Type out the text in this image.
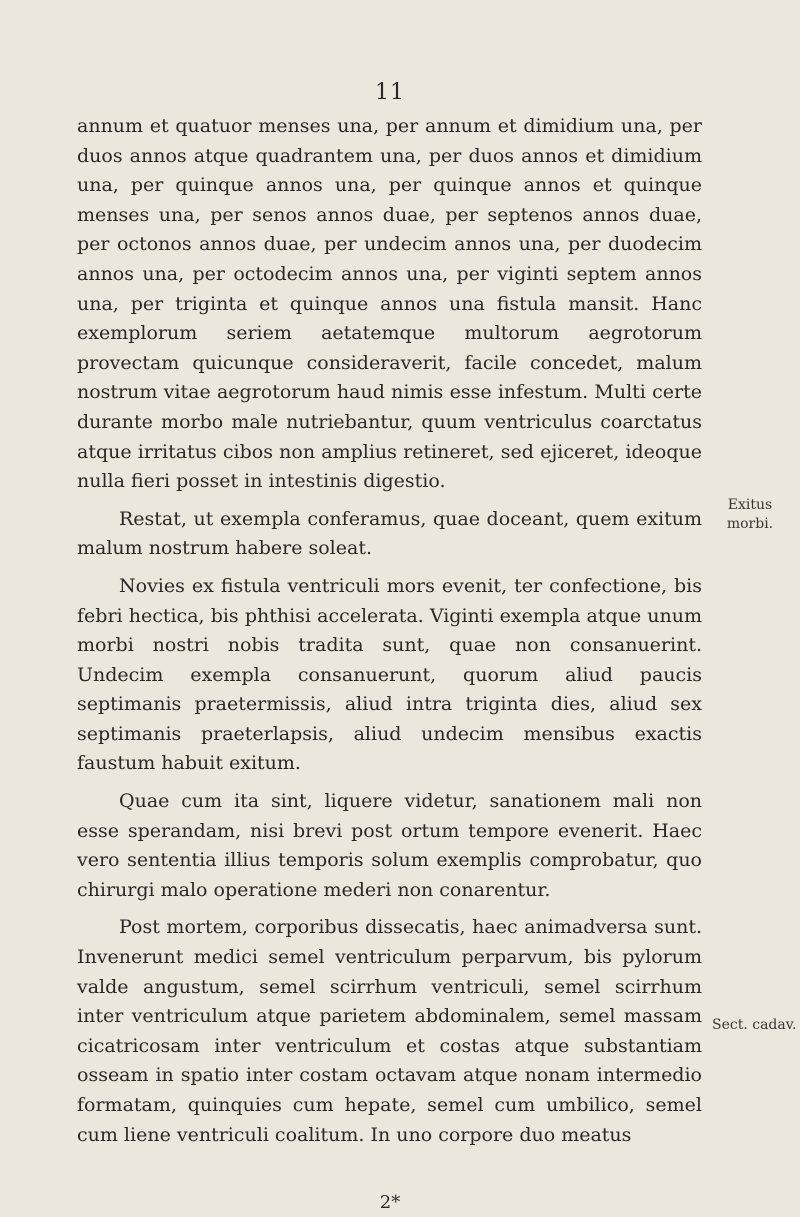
11

annum et quatuor menses una, per annum et dimidium una, per duos annos atque quadrantem una, per duos annos et dimidium una, per quinque annos una, per quinque annos et quinque menses una, per senos annos duae, per septenos annos duae, per octonos annos duae, per undecim annos una, per duodecim annos una, per octodecim annos una, per viginti septem annos una, per triginta et quinque annos una fistula mansit. Hanc exemplorum seriem aetatemque multorum aegrotorum provectam quicunque consideraverit, facile concedet, malum nostrum vitae aegrotorum haud nimis esse infestum. Multi certe durante morbo male nutriebantur, quum ventriculus coarctatus atque irritatus cibos non amplius retineret, sed ejiceret, ideoque nulla fieri posset in intestinis digestio.

Restat, ut exempla conferamus, quae doceant, quem exitum malum nostrum habere soleat.

Novies ex fistula ventriculi mors evenit, ter confectione, bis febri hectica, bis phthisi accelerata. Viginti exempla atque unum morbi nostri nobis tradita sunt, quae non consanuerint. Undecim exempla consanuerunt, quorum aliud paucis septimanis praetermissis, aliud intra triginta dies, aliud sex septimanis praeterlapsis, aliud undecim mensibus exactis faustum habuit exitum.

Quae cum ita sint, liquere videtur, sanationem mali non esse sperandam, nisi brevi post ortum tempore evenerit. Haec vero sententia illius temporis solum exemplis comprobatur, quo chirurgi malo operatione mederi non conarentur.

Post mortem, corporibus dissecatis, haec animadversa sunt. Invenerunt medici semel ventriculum perparvum, bis pylorum valde angustum, semel scirrhum ventriculi, semel scirrhum inter ventriculum atque parietem abdominalem, semel massam cicatricosam inter ventriculum et costas atque substantiam osseam in spatio inter costam octavam atque nonam intermedio formatam, quinquies cum hepate, semel cum umbilico, semel cum liene ventriculi coalitum. In uno corpore duo meatus

Exitus
morbi.
Sect. cadav.
2*
